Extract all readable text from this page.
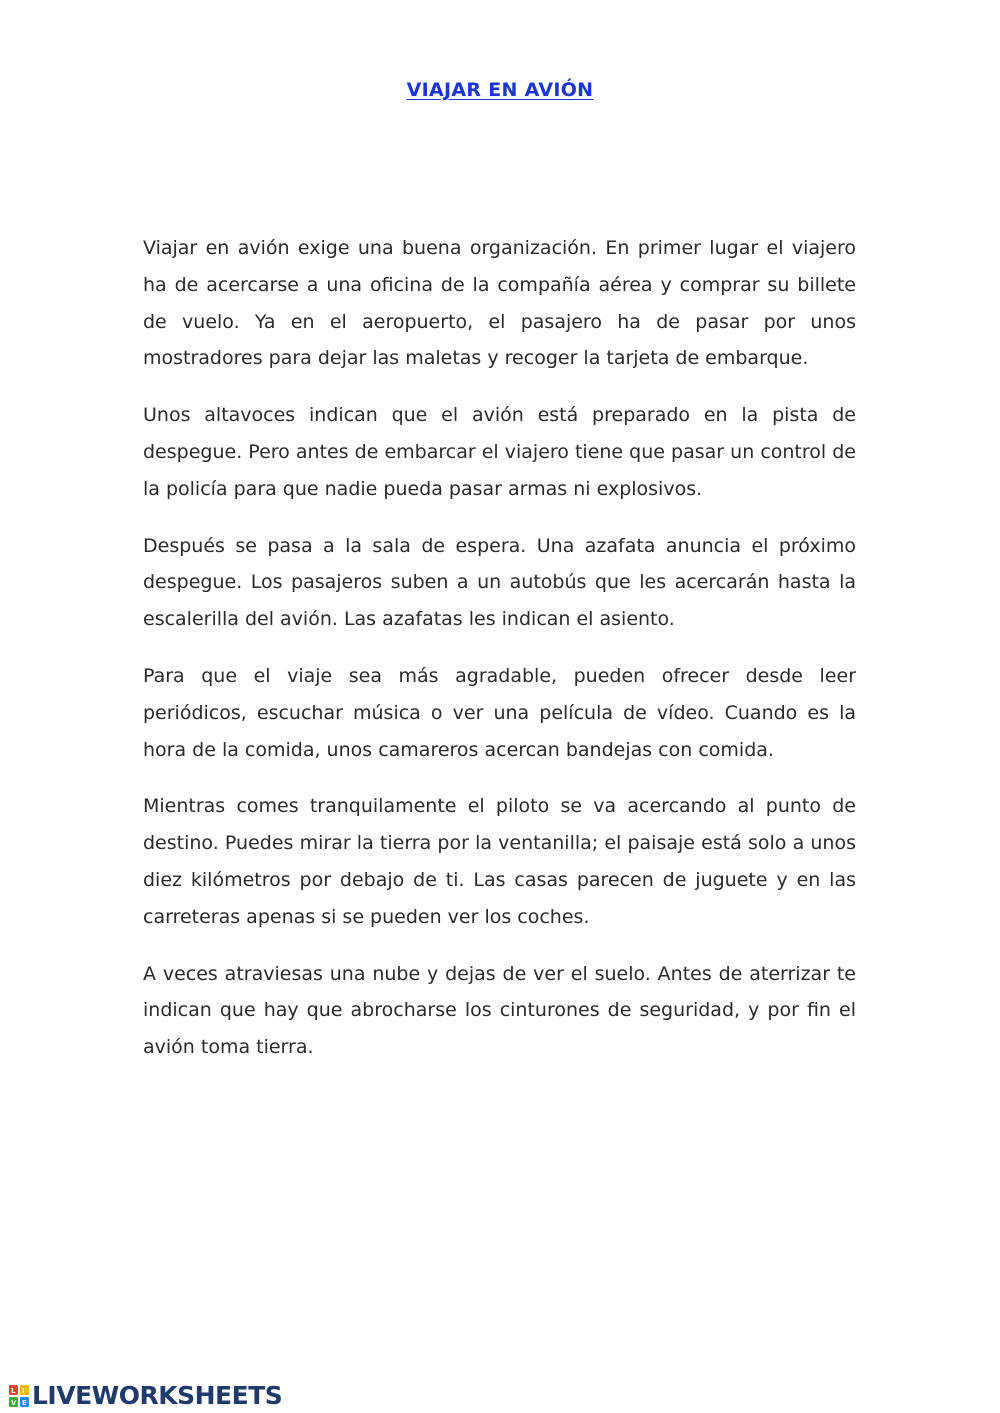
VIAJAR EN AVIÓN

Viajar en avión exige una buena organización. En primer lugar el viajero ha de acercarse a una oficina de la compañía aérea y comprar su billete de vuelo. Ya en el aeropuerto, el pasajero ha de pasar por unos mostradores para dejar las maletas y recoger la tarjeta de embarque.

Unos altavoces indican que el avión está preparado en la pista de despegue. Pero antes de embarcar el viajero tiene que pasar un control de la policía para que nadie pueda pasar armas ni explosivos.

Después se pasa a la sala de espera. Una azafata anuncia el próximo despegue. Los pasajeros suben a un autobús que les acercarán hasta la escalerilla del avión. Las azafatas les indican el asiento.

Para que el viaje sea más agradable, pueden ofrecer desde leer periódicos, escuchar música o ver una película de vídeo. Cuando es la hora de la comida, unos camareros acercan bandejas con comida.

Mientras comes tranquilamente el piloto se va acercando al punto de destino. Puedes mirar la tierra por la ventanilla; el paisaje está solo a unos diez kilómetros por debajo de ti. Las casas parecen de juguete y en las carreteras apenas si se pueden ver los coches.

A veces atraviesas una nube y dejas de ver el suelo. Antes de aterrizar te indican que hay que abrocharse los cinturones de seguridad, y por fin el avión toma tierra.

L I
V E LIVEWORKSHEETS
